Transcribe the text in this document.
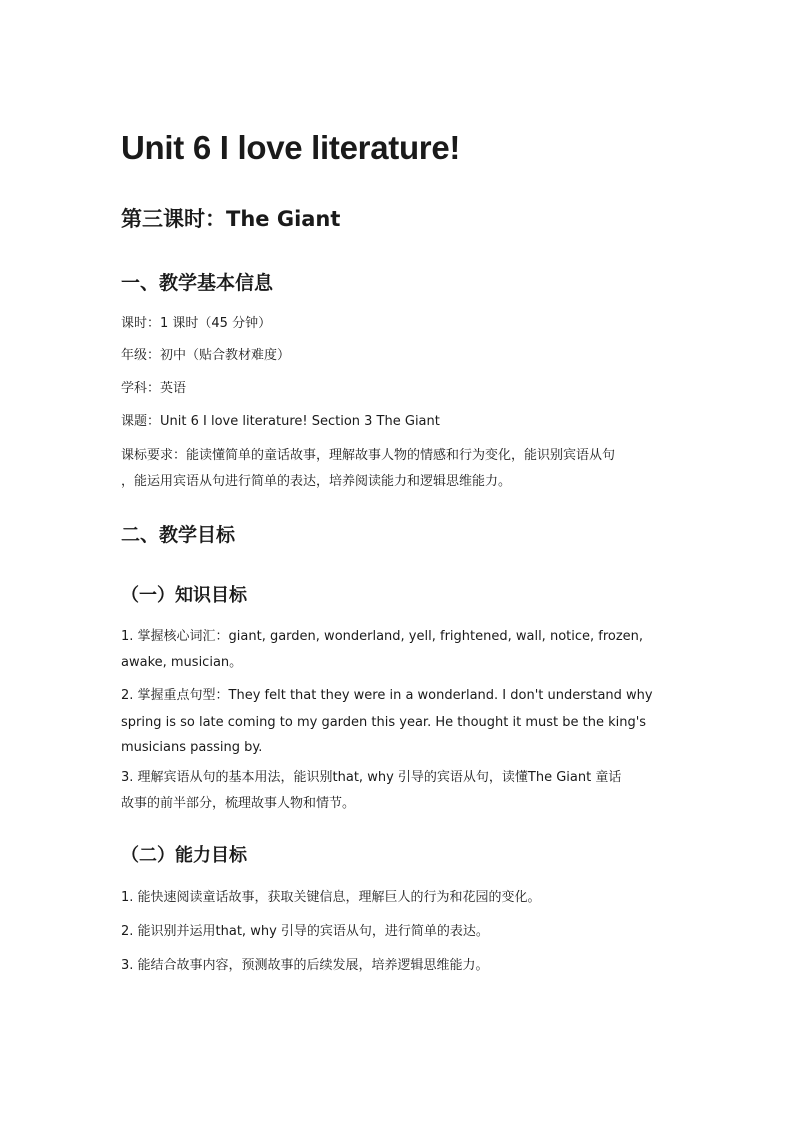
Unit 6 I love literature!
第三课时：The Giant
一、教学基本信息
课时：1 课时（45 分钟）
年级：初中（贴合教材难度）
学科：英语
课题：Unit 6 I love literature! Section 3 The Giant
课标要求：能读懂简单的童话故事，理解故事人物的情感和行为变化，能识别宾语从句
，能运用宾语从句进行简单的表达，培养阅读能力和逻辑思维能力。
二、教学目标
（一）知识目标
1. 掌握核心词汇：giant, garden, wonderland, yell, frightened, wall, notice, frozen,
awake, musician。
2. 掌握重点句型：They felt that they were in a wonderland. I don't understand why
spring is so late coming to my garden this year. He thought it must be the king's
musicians passing by.
3. 理解宾语从句的基本用法，能识别that, why 引导的宾语从句，读懂The Giant 童话
故事的前半部分，梳理故事人物和情节。
（二）能力目标
1. 能快速阅读童话故事，获取关键信息，理解巨人的行为和花园的变化。
2. 能识别并运用that, why 引导的宾语从句，进行简单的表达。
3. 能结合故事内容，预测故事的后续发展，培养逻辑思维能力。
